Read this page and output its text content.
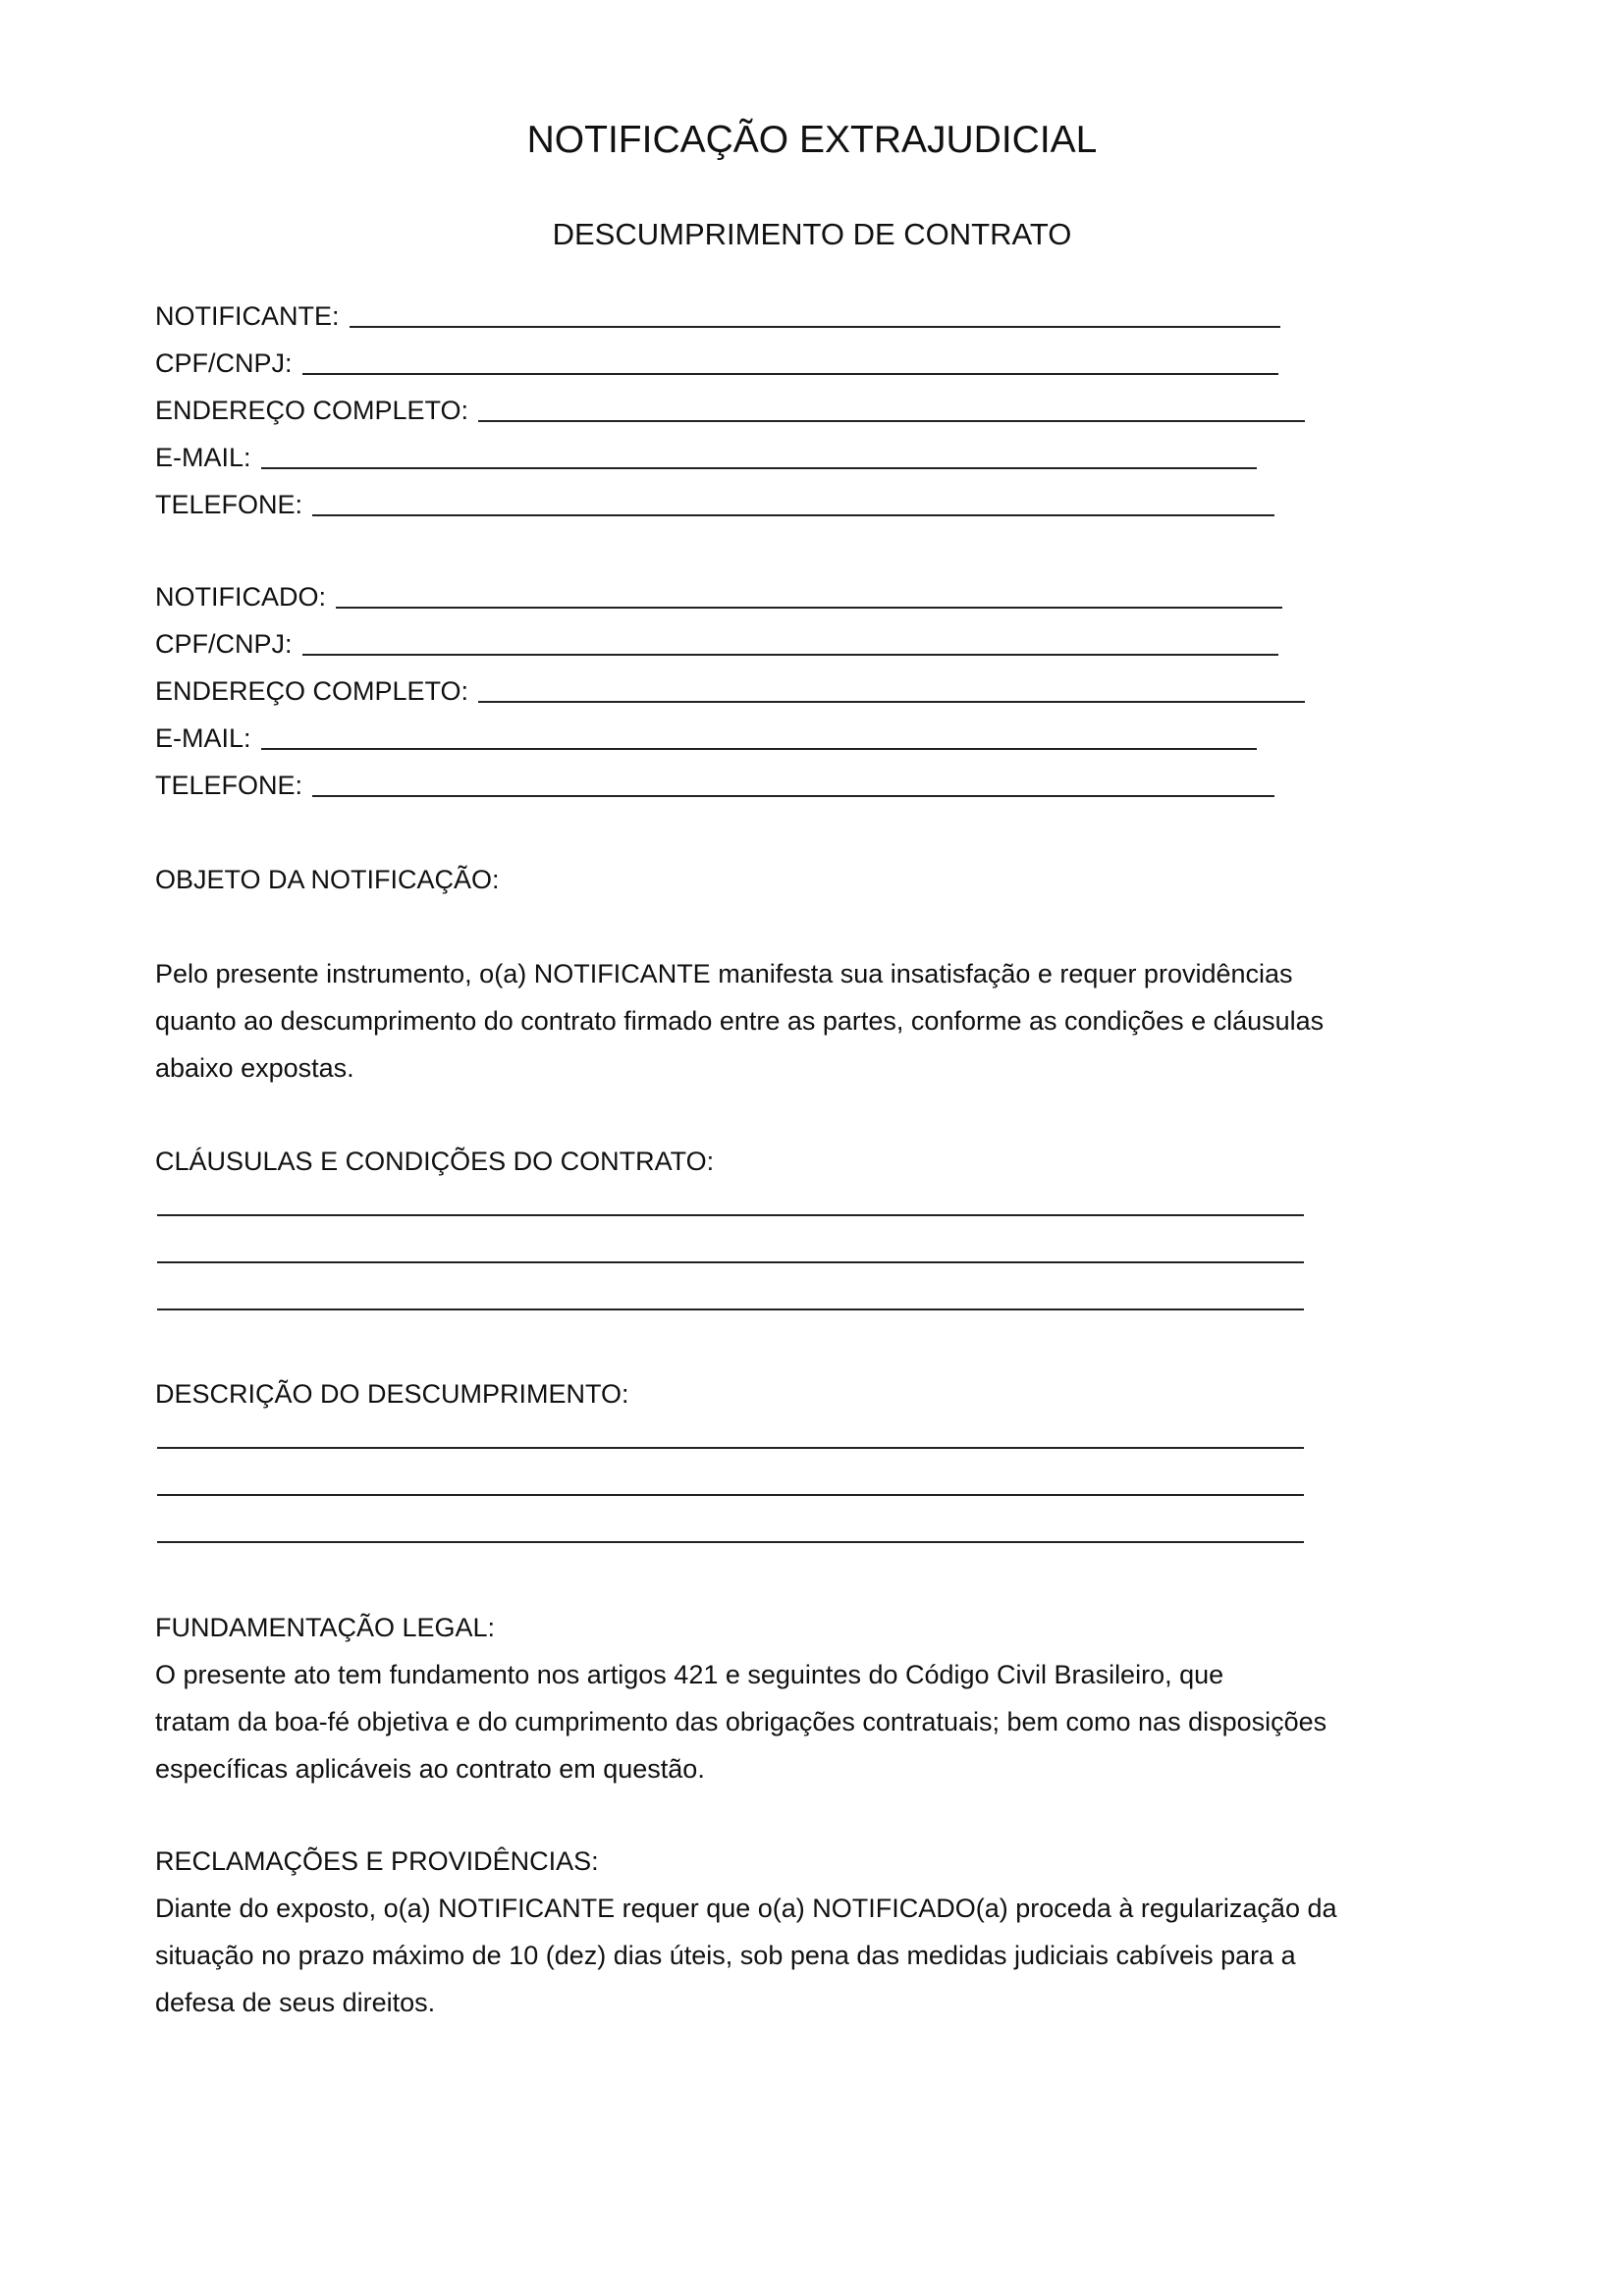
NOTIFICAÇÃO EXTRAJUDICIAL
DESCUMPRIMENTO DE CONTRATO
NOTIFICANTE:
CPF/CNPJ:
ENDEREÇO COMPLETO:
E-MAIL:
TELEFONE:
NOTIFICADO:
CPF/CNPJ:
ENDEREÇO COMPLETO:
E-MAIL:
TELEFONE:

OBJETO DA NOTIFICAÇÃO:

Pelo presente instrumento, o(a) NOTIFICANTE manifesta sua insatisfação e requer providências
quanto ao descumprimento do contrato firmado entre as partes, conforme as condições e cláusulas
abaixo expostas.

CLÁUSULAS E CONDIÇÕES DO CONTRATO:

DESCRIÇÃO DO DESCUMPRIMENTO:

FUNDAMENTAÇÃO LEGAL:

O presente ato tem fundamento nos artigos 421 e seguintes do Código Civil Brasileiro, que
tratam da boa-fé objetiva e do cumprimento das obrigações contratuais; bem como nas disposições
específicas aplicáveis ao contrato em questão.

RECLAMAÇÕES E PROVIDÊNCIAS:

Diante do exposto, o(a) NOTIFICANTE requer que o(a) NOTIFICADO(a) proceda à regularização da
situação no prazo máximo de 10 (dez) dias úteis, sob pena das medidas judiciais cabíveis para a
defesa de seus direitos.
